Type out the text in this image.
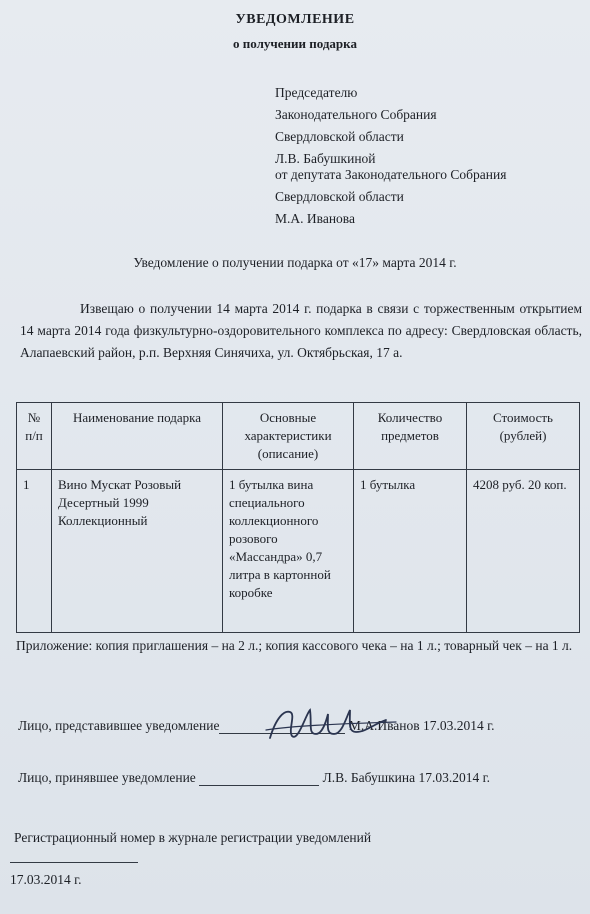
УВЕДОМЛЕНИЕ
о получении подарка
Председателю
Законодательного Собрания
Свердловской области
Л.В. Бабушкиной
от депутата Законодательного Собрания
Свердловской области
М.А. Иванова
Уведомление о получении подарка от «17» марта 2014 г.
Извещаю о получении 14 марта 2014 г. подарка в связи с торжественным открытием 14 марта 2014 года физкультурно-оздоровительного комплекса по адресу: Свердловская область, Алапаевский район, р.п. Верхняя Синячиха, ул. Октябрьская, 17 а.
№ п/п	Наименование подарка	Основные характеристики (описание)	Количество предметов	Стоимость (рублей)
1	Вино Мускат Розовый Десертный 1999 Коллекционный	1 бутылка вина специального коллекционного розового «Массандра» 0,7 литра в картонной коробке	1 бутылка	4208 руб. 20 коп.
Приложение: копия приглашения – на 2 л.; копия кассового чека – на 1 л.; товарный чек – на 1 л.
Лицо, представившее уведомление	М.А.Иванов 17.03.2014 г.
Лицо, принявшее уведомление	Л.В. Бабушкина 17.03.2014 г.
Регистрационный номер в журнале регистрации уведомлений
17.03.2014 г.
